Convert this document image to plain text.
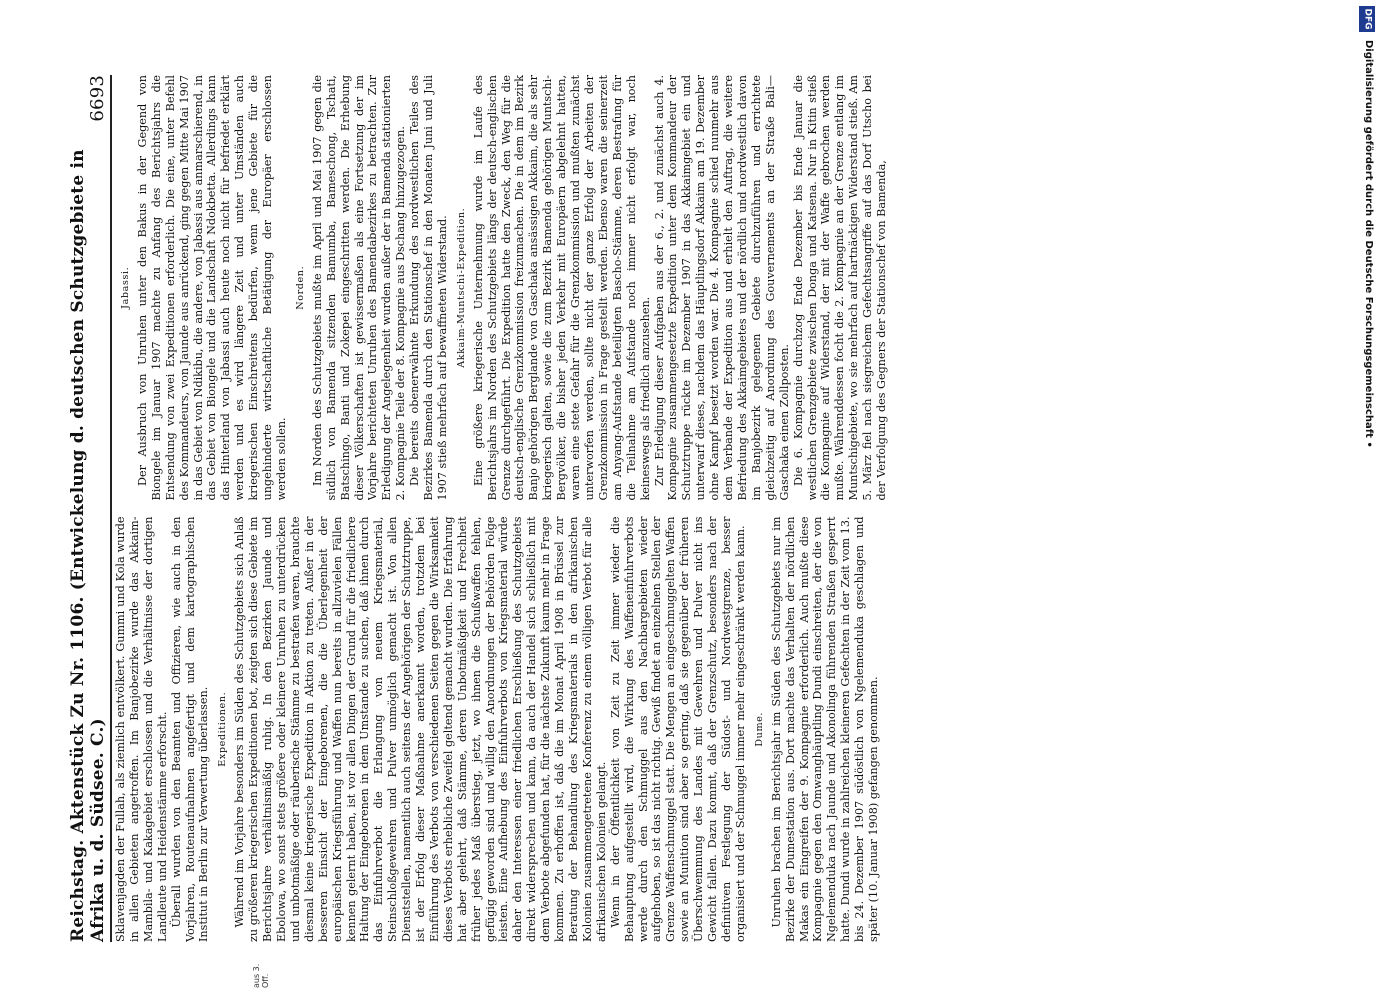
aus 3. Off.
Reichstag. Aktenstück Zu Nr. 1106. (Entwickelung d. deutschen Schutzgebiete in Afrika u. d. Südsee. C.)
6693

Sklavenjagden der Fullah, als ziemlich entvölkert. Gummi und Kola wurde in allen Gebieten angetroffen. Im Banjobezirke wurde das Akkaim-Mambila- und Kakagebiet erschlossen und die Verhältnisse der dortigen Landleute und Heidenstämme erforscht. Überall wurden von den Beamten und Offizieren, wie auch in den Vorjahren, Routenaufnahmen angefertigt und dem kartographischen Institut in Berlin zur Verwertung überlassen. Expeditionen. Während im Vorjahre besonders im Süden des Schutzgebiets sich Anlaß zu größeren kriegerischen Expeditionen bot, zeigten sich diese Gebiete im Berichtsjahre verhältnismäßig ruhig. In den Bezirken Jaunde und Ebolowa, wo sonst stets größere oder kleinere Unruhen zu unterdrücken und unbotmäßige oder räuberische Stämme zu bestrafen waren, brauchte diesmal keine kriegerische Expedition in Aktion zu treten. Außer in der besseren Einsicht der Eingeborenen, die die Überlegenheit der europäischen Kriegsführung und Waffen nun bereits in allzuvielen Fällen kennen gelernt haben, ist vor allen Dingen der Grund für die friedlichere Haltung der Eingeborenen in dem Umstande zu suchen, daß ihnen durch das Einfuhrverbot die Erlangung von neuem Kriegsmaterial, Steinschloßgewehren und Pulver unmöglich gemacht ist. Von allen Dienststellen, namentlich auch seitens der Angehörigen der Schutztruppe, ist der Erfolg dieser Maßnahme anerkannt worden, trotzdem bei Einführung des Verbots von verschiedenen Seiten gegen die Wirksamkeit dieses Verbots erhebliche Zweifel geltend gemacht wurden. Die Erfahrung hat aber gelehrt, daß Stämme, deren Unbotmäßigkeit und Frechheit früher jedes Maß überstieg, jetzt, wo ihnen die Schußwaffen fehlen, gefügig geworden sind und willig den Anordnungen der Behörden Folge leisten. Eine Aufhebung des Einfuhrverbots von Kriegsmaterial würde daher den Interessen einer friedlichen Erschließung des Schutzgebiets direkt widersprechen und kann, da auch der Handel sich schließlich mit dem Verbote abgefunden hat, für die nächste Zukunft kaum mehr in Frage kommen. Zu erhoffen ist, daß die im Monat April 1908 in Brüssel zur Beratung der Behandlung des Kriegsmaterials in den afrikanischen Kolonien zusammengetretene Konferenz zu einem völligen Verbot für alle afrikanischen Kolonien gelangt. Wenn in der Öffentlichkeit von Zeit zu Zeit immer wieder die Behauptung aufgestellt wird, die Wirkung des Waffeneinfuhrverbots werde durch den Schmuggel aus den Nachbargebieten wieder aufgehoben, so ist das nicht richtig. Gewiß findet an einzelnen Stellen der Grenze Waffenschmuggel statt. Die Mengen an eingeschmuggelten Waffen sowie an Munition sind aber so gering, daß sie gegenüber der früheren Überschwemmung des Landes mit Gewehren und Pulver nicht ins Gewicht fallen. Dazu kommt, daß der Grenzschutz, besonders nach der definitiven Festlegung der Südost- und Nordwestgrenze, besser organisiert und der Schmuggel immer mehr eingeschränkt werden kann. Dume. Unruhen brachen im Berichtsjahr im Süden des Schutzgebiets nur im Bezirke der Dumestation aus. Dort machte das Verhalten der nördlichen Makas ein Eingreifen der 9. Kompagnie erforderlich. Auch mußte diese Kompagnie gegen den Omwanghäuptling Dundi einschreiten, der die von Ngelemenduka nach Jaunde und Akonolinga führenden Straßen gesperrt hatte. Dundi wurde in zahlreichen kleineren Gefechten in der Zeit vom 13. bis 24. Dezember 1907 südöstlich von Ngelemenduka geschlagen und später (10. Januar 1908) gefangen genommen.

Jabassi. Der Ausbruch von Unruhen unter den Bakus in der Gegend von Biongele im Januar 1907 machte zu Anfang des Berichtsjahrs die Entsendung von zwei Expeditionen erforderlich. Die eine, unter Befehl des Kommandeurs, von Jaunde aus anrückend, ging gegen Mitte Mai 1907 in das Gebiet von Ndikibu, die andere, von Jabassi aus anmarschierend, in das Gebiet von Biongele und die Landschaft Ndokbetta. Allerdings kann das Hinterland von Jabassi auch heute noch nicht für befriedet erklärt werden und es wird längere Zeit und unter Umständen auch kriegerischen Einschreitens bedürfen, wenn jene Gebiete für die ungehinderte wirtschaftliche Betätigung der Europäer erschlossen werden sollen.

Norden. Im Norden des Schutzgebiets mußte im April und Mai 1907 gegen die südlich von Bamenda sitzenden Bamumba, Bameschong, Tschati, Batschingo, Banti und Zokepei eingeschritten werden. Die Erhebung dieser Völkerschaften ist gewissermaßen als eine Fortsetzung der im Vorjahre berichteten Unruhen des Bamendabezirkes zu betrachten. Zur Erledigung der Angelegenheit wurden außer der in Bamenda stationierten 2. Kompagnie Teile der 8. Kompagnie aus Dschang hinzugezogen. Die bereits obenerwähnte Erkundung des nordwestlichen Teiles des Bezirkes Bamenda durch den Stationschef in den Monaten Juni und Juli 1907 stieß mehrfach auf bewaffneten Widerstand. Akkaim-Muntschi-Expedition. Eine größere kriegerische Unternehmung wurde im Laufe des Berichtsjahrs im Norden des Schutzgebiets längs der deutsch-englischen Grenze durchgeführt. Die Expedition hatte den Zweck, den Weg für die deutsch-englische Grenzkommission freizumachen. Die in dem im Bezirk Banjo gehörigen Berglande von Gaschaka ansässigen Akkaim, die als sehr kriegerisch galten, sowie die zum Bezirk Bamenda gehörigen Muntschi-Bergvölker, die bisher jeden Verkehr mit Europäern abgelehnt hatten, waren eine stete Gefahr für die Grenzkommission und mußten zunächst unterworfen werden, sollte nicht der ganze Erfolg der Arbeiten der Grenzkommission in Frage gestellt werden. Ebenso waren die seinerzeit am Anyang-Aufstande beteiligten Bascho-Stämme, deren Bestrafung für die Teilnahme am Aufstande noch immer nicht erfolgt war, noch keineswegs als friedlich anzusehen. Zur Erledigung dieser Aufgaben aus der 6., 2. und zunächst auch 4. Kompagnie zusammengesetzte Expedition unter dem Kommandeur der Schutztruppe rückte im Dezember 1907 in das Akkaimgebiet ein und unterwarf dieses, nachdem das Häuptlingsdorf Akkaim am 19. Dezember ohne Kampf besetzt worden war. Die 4. Kompagnie schied nunmehr aus dem Verbande der Expedition aus und erhielt den Auftrag, die weitere Befriedung des Akkaimgebietes und der nördlich und nordwestlich davon im Banjobezirk gelegenen Gebiete durchzuführen und errichtete gleichzeitig auf Anordnung des Gouvernements an der Straße Bali—Gaschaka einen Zollposten. Die 6. Kompagnie durchzog Ende Dezember bis Ende Januar die westlichen Grenzgebiete zwischen Donga und Katsena. Nur in Kitin stieß die Kompagnie auf Widerstand, der mit der Waffe gebrochen werden mußte. Währenddessen focht die 2. Kompagnie an der Grenze entlang im Muntschigebiete, wo sie mehrfach auf hartnäckigen Widerstand stieß. Am 5. März fiel nach siegreichem Gefechtsangriffe auf das Dorf Utscho bei der Verfolgung des Gegners der Stationschef von Bamenda,

DFG
Digitalisierung gefördert durch die Deutsche Forschungsgemeinschaft •
